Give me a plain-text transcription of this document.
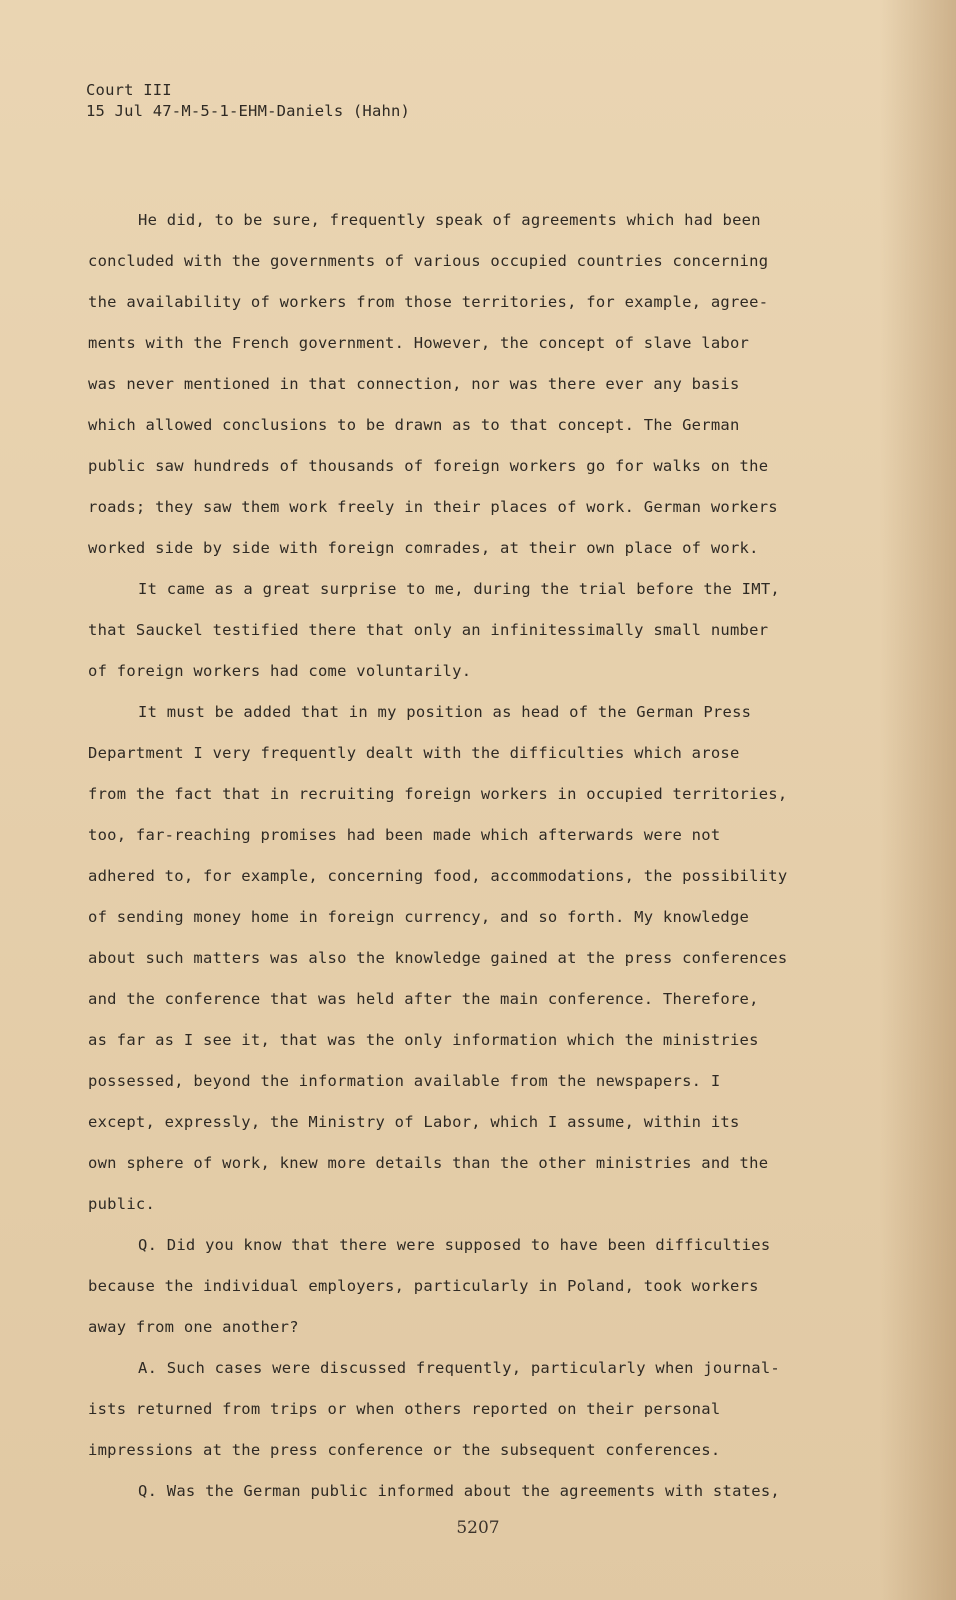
Court III
15 Jul 47-M-5-1-EHM-Daniels (Hahn)
He did, to be sure, frequently speak of agreements which had been
concluded with the governments of various occupied countries concerning
the availability of workers from those territories, for example, agree-
ments with the French government. However, the concept of slave labor
was never mentioned in that connection, nor was there ever any basis
which allowed conclusions to be drawn as to that concept. The German
public saw hundreds of thousands of foreign workers go for walks on the
roads; they saw them work freely in their places of work. German workers
worked side by side with foreign comrades, at their own place of work.
It came as a great surprise to me, during the trial before the IMT,
that Sauckel testified there that only an infinitessimally small number
of foreign workers had come voluntarily.
It must be added that in my position as head of the German Press
Department I very frequently dealt with the difficulties which arose
from the fact that in recruiting foreign workers in occupied territories,
too, far-reaching promises had been made which afterwards were not
adhered to, for example, concerning food, accommodations, the possibility
of sending money home in foreign currency, and so forth. My knowledge
about such matters was also the knowledge gained at the press conferences
and the conference that was held after the main conference. Therefore,
as far as I see it, that was the only information which the ministries
possessed, beyond the information available from the newspapers. I
except, expressly, the Ministry of Labor, which I assume, within its
own sphere of work, knew more details than the other ministries and the
public.
Q. Did you know that there were supposed to have been difficulties
because the individual employers, particularly in Poland, took workers
away from one another?
A. Such cases were discussed frequently, particularly when journal-
ists returned from trips or when others reported on their personal
impressions at the press conference or the subsequent conferences.
Q. Was the German public informed about the agreements with states,
5207
